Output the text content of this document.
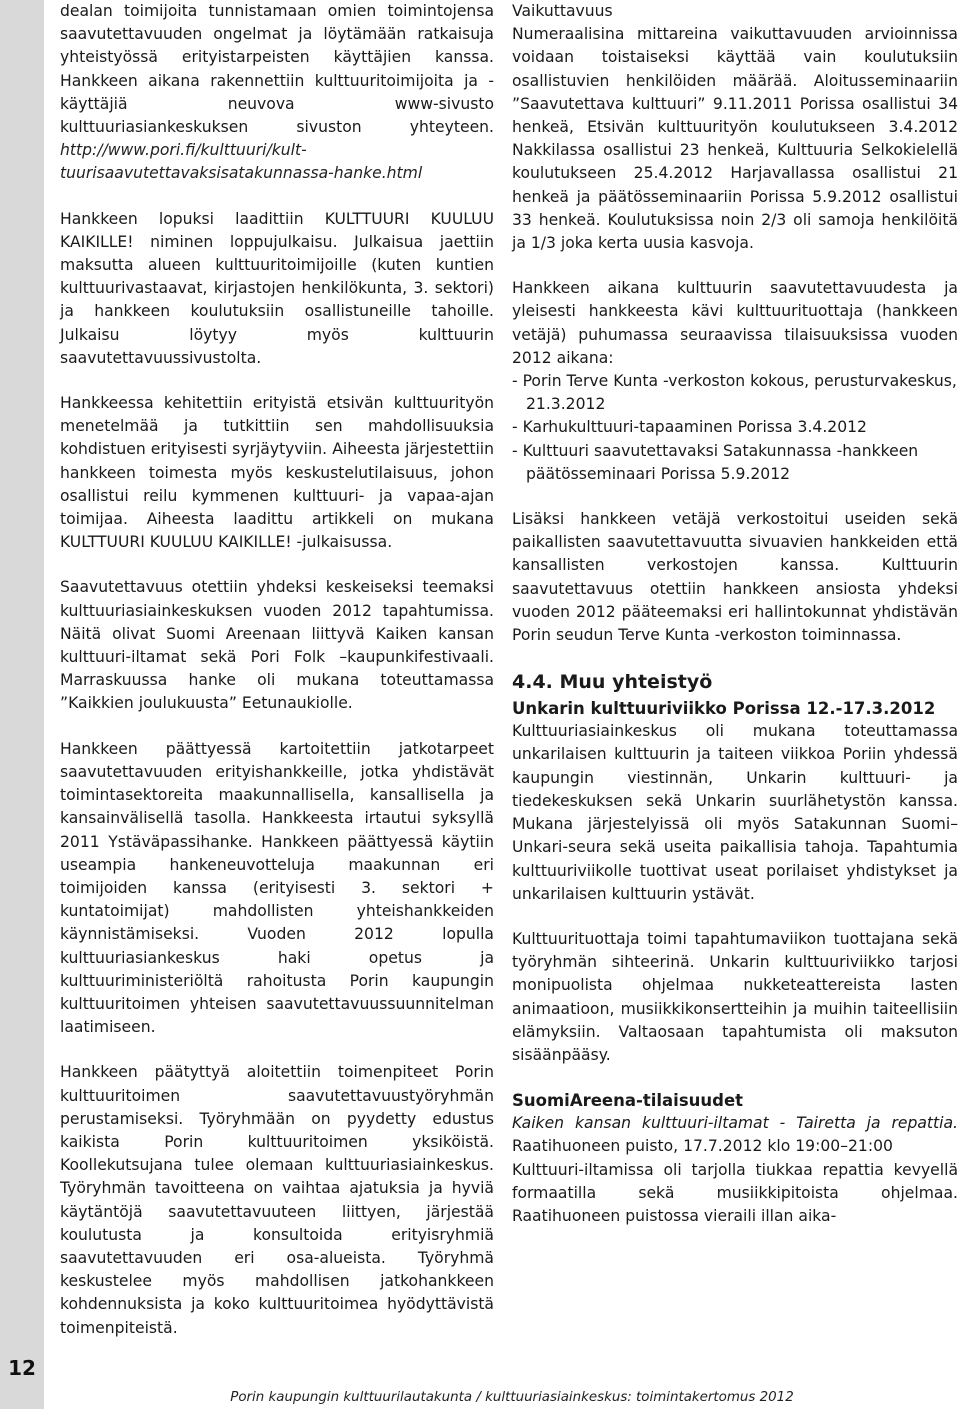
12

dealan toimijoita tunnistamaan omien toimintojensa saavutettavuuden ongelmat ja löytämään ratkaisuja yhteistyössä erityistarpeisten käyttäjien kanssa. Hankkeen aikana rakennettiin kulttuuritoimijoita ja -käyttäjiä neuvova www-sivusto kulttuuriasiankeskuksen sivuston yhteyteen. http://www.pori.fi/kulttuuri/kulttuurisaavutettavaksisatakunnassa-hanke.html

Hankkeen lopuksi laadittiin KULTTUURI KUULUU KAIKILLE! niminen loppujulkaisu. Julkaisua jaettiin maksutta alueen kulttuuritoimijoille (kuten kuntien kulttuurivastaavat, kirjastojen henkilökunta, 3. sektori) ja hankkeen koulutuksiin osallistuneille tahoille. Julkaisu löytyy myös kulttuurin saavutettavuussivustolta.

Hankkeessa kehitettiin erityistä etsivän kulttuurityön menetelmää ja tutkittiin sen mahdollisuuksia kohdistuen erityisesti syrjäytyviin. Aiheesta järjestettiin hankkeen toimesta myös keskustelutilaisuus, johon osallistui reilu kymmenen kulttuuri- ja vapaa-ajan toimijaa. Aiheesta laadittu artikkeli on mukana KULTTUURI KUULUU KAIKILLE! -julkaisussa.

Saavutettavuus otettiin yhdeksi keskeiseksi teemaksi kulttuuriasiainkeskuksen vuoden 2012 tapahtumissa. Näitä olivat Suomi Areenaan liittyvä Kaiken kansan kulttuuri-iltamat sekä Pori Folk –kaupunkifestivaali. Marraskuussa hanke oli mukana toteuttamassa ”Kaikkien joulukuusta” Eetunaukiolle.

Hankkeen päättyessä kartoitettiin jatkotarpeet saavutettavuuden erityishankkeille, jotka yhdistävät toimintasektoreita maakunnallisella, kansallisella ja kansainvälisellä tasolla. Hankkeesta irtautui syksyllä 2011 Ystäväpassihanke. Hankkeen päättyessä käytiin useampia hankeneuvotteluja maakunnan eri toimijoiden kanssa (erityisesti 3. sektori + kuntatoimijat) mahdollisten yhteishankkeiden käynnistämiseksi. Vuoden 2012 lopulla kulttuuriasiankeskus haki opetus ja kulttuuriministeriöltä rahoitusta Porin kaupungin kulttuuritoimen yhteisen saavutettavuussuunnitelman laatimiseen.

Hankkeen päätyttyä aloitettiin toimenpiteet Porin kulttuuritoimen saavutettavuustyöryhmän perustamiseksi. Työryhmään on pyydetty edustus kaikista Porin kulttuuritoimen yksiköistä. Koollekutsujana tulee olemaan kulttuuriasiainkeskus. Työryhmän tavoitteena on vaihtaa ajatuksia ja hyviä käytäntöjä saavutettavuuteen liittyen, järjestää koulutusta ja konsultoida erityisryhmiä saavutettavuuden eri osa-alueista. Työryhmä keskustelee myös mahdollisen jatkohankkeen kohdennuksista ja koko kulttuuritoimea hyödyttävistä toimenpiteistä.

Vaikuttavuus

Numeraalisina mittareina vaikuttavuuden arvioinnissa voidaan toistaiseksi käyttää vain koulutuksiin osallistuvien henkilöiden määrää. Aloitusseminaariin ”Saavutettava kulttuuri” 9.11.2011 Porissa osallistui 34 henkeä, Etsivän kulttuurityön koulutukseen 3.4.2012 Nakkilassa osallistui 23 henkeä, Kulttuuria Selkokielellä koulutukseen 25.4.2012 Harjavallassa osallistui 21 henkeä ja päätösseminaariin Porissa 5.9.2012 osallistui 33 henkeä. Koulutuksissa noin 2/3 oli samoja henkilöitä ja 1/3 joka kerta uusia kasvoja.

Hankkeen aikana kulttuurin saavutettavuudesta ja yleisesti hankkeesta kävi kulttuurituottaja (hankkeen vetäjä) puhumassa seuraavissa tilaisuuksissa vuoden 2012 aikana:

- Porin Terve Kunta -verkoston kokous, perusturvakeskus, 21.3.2012
- Karhukulttuuri-tapaaminen Porissa 3.4.2012
- Kulttuuri saavutettavaksi Satakunnassa -hankkeen päätösseminaari Porissa 5.9.2012

Lisäksi hankkeen vetäjä verkostoitui useiden sekä paikallisten saavutettavuutta sivuavien hankkeiden että kansallisten verkostojen kanssa. Kulttuurin saavutettavuus otettiin hankkeen ansiosta yhdeksi vuoden 2012 pääteemaksi eri hallintokunnat yhdistävän Porin seudun Terve Kunta -verkoston toiminnassa.

4.4. Muu yhteistyö
Unkarin kulttuuriviikko Porissa 12.-17.3.2012

Kulttuuriasiainkeskus oli mukana toteuttamassa unkarilaisen kulttuurin ja taiteen viikkoa Poriin yhdessä kaupungin viestinnän, Unkarin kulttuuri- ja tiedekeskuksen sekä Unkarin suurlähetystön kanssa. Mukana järjestelyissä oli myös Satakunnan Suomi–Unkari-seura sekä useita paikallisia tahoja. Tapahtumia kulttuuriviikolle tuottivat useat porilaiset yhdistykset ja unkarilaisen kulttuurin ystävät.

Kulttuurituottaja toimi tapahtumaviikon tuottajana sekä työryhmän sihteerinä. Unkarin kulttuuriviikko tarjosi monipuolista ohjelmaa nukketeattereista lasten animaatioon, musiikkikonsertteihin ja muihin taiteellisiin elämyksiin. Valtaosaan tapahtumista oli maksuton sisäänpääsy.

SuomiAreena-tilaisuudet

Kaiken kansan kulttuuri-iltamat - Tairetta ja repattia. Raatihuoneen puisto, 17.7.2012 klo 19:00–21:00

Kulttuuri-iltamissa oli tarjolla tiukkaa repattia kevyellä formaatilla sekä musiikkipitoista ohjelmaa. Raatihuoneen puistossa vieraili illan aika-

Porin kaupungin kulttuurilautakunta / kulttuuriasiainkeskus: toimintakertomus 2012
